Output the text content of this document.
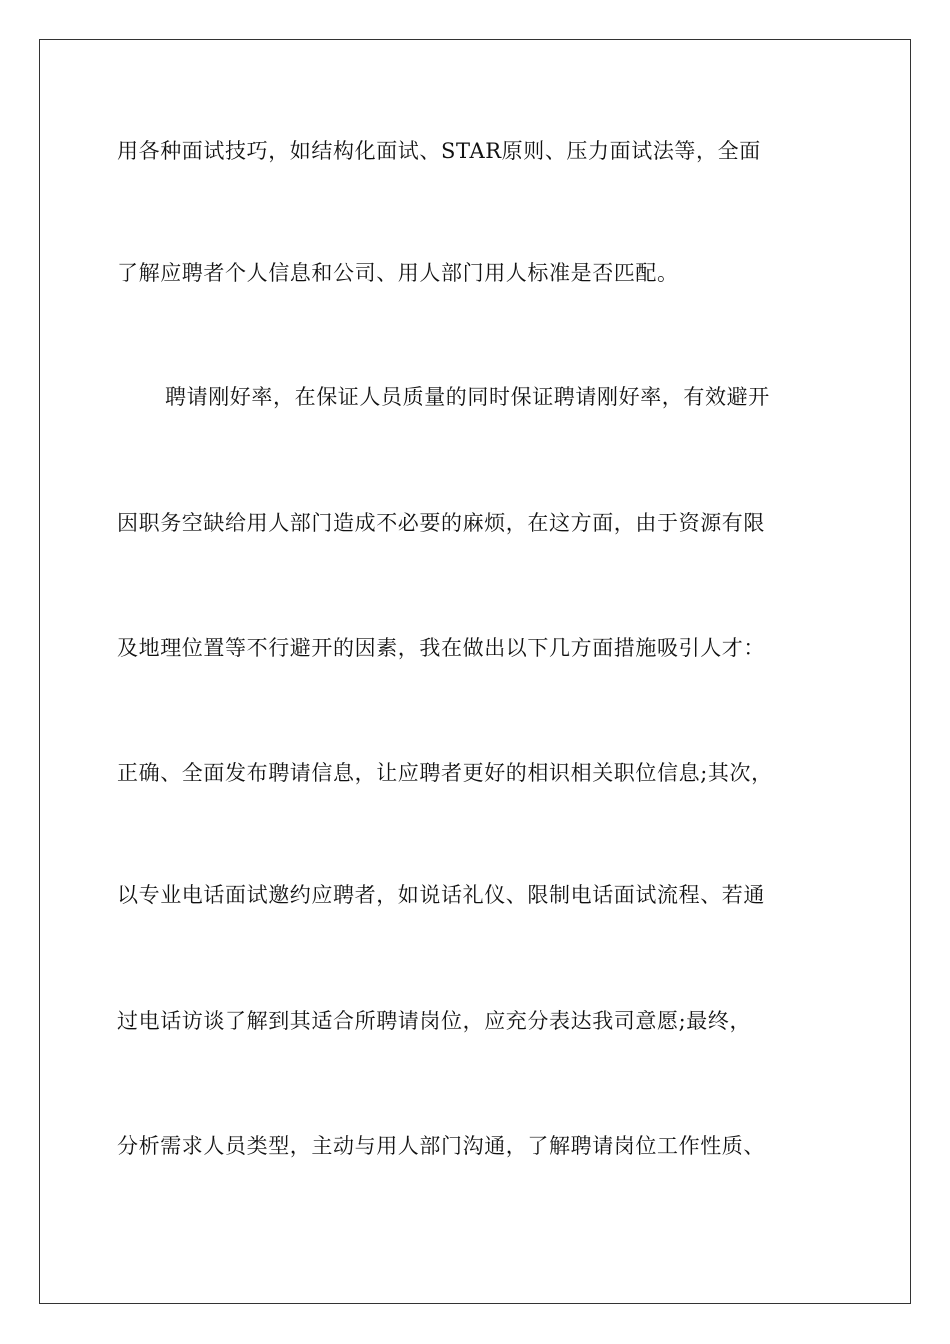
用各种面试技巧，如结构化面试、STAR原则、压力面试法等，全面
了解应聘者个人信息和公司、用人部门用人标准是否匹配。
聘请刚好率，在保证人员质量的同时保证聘请刚好率，有效避开
因职务空缺给用人部门造成不必要的麻烦，在这方面，由于资源有限
及地理位置等不行避开的因素，我在做出以下几方面措施吸引人才：
正确、全面发布聘请信息，让应聘者更好的相识相关职位信息;其次，
以专业电话面试邀约应聘者，如说话礼仪、限制电话面试流程、若通
过电话访谈了解到其适合所聘请岗位，应充分表达我司意愿;最终，
分析需求人员类型，主动与用人部门沟通，了解聘请岗位工作性质、
